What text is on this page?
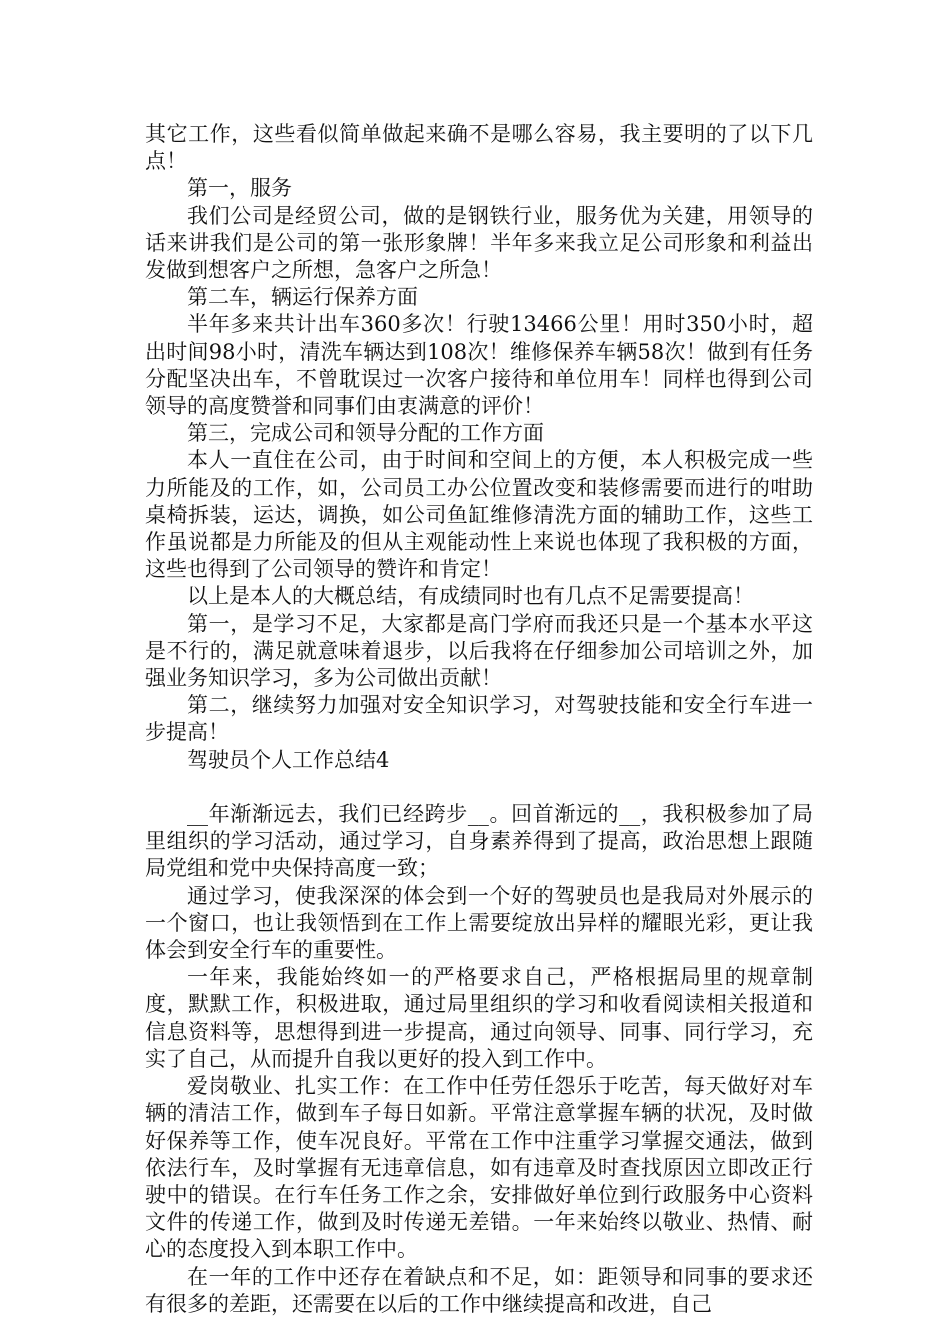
其它工作，这些看似简单做起来确不是哪么容易，我主要明的了以下几点！

第一，服务

我们公司是经贸公司，做的是钢铁行业，服务优为关建，用领导的话来讲我们是公司的第一张形象牌！半年多来我立足公司形象和利益出发做到想客户之所想，急客户之所急！

第二车，辆运行保养方面

半年多来共计出车360多次！行驶13466公里！用时350小时，超出时间98小时，清洗车辆达到108次！维修保养车辆58次！做到有任务分配坚决出车，不曾耽误过一次客户接待和单位用车！同样也得到公司领导的高度赞誉和同事们由衷满意的评价！

第三，完成公司和领导分配的工作方面

本人一直住在公司，由于时间和空间上的方便，本人积极完成一些力所能及的工作，如，公司员工办公位置改变和装修需要而进行的咁助桌椅拆装，运达，调换，如公司鱼缸维修清洗方面的辅助工作，这些工作虽说都是力所能及的但从主观能动性上来说也体现了我积极的方面，这些也得到了公司领导的赞许和肯定！

以上是本人的大概总结，有成绩同时也有几点不足需要提高！

第一，是学习不足，大家都是高门学府而我还只是一个基本水平这是不行的，满足就意味着退步，以后我将在仔细参加公司培训之外，加强业务知识学习，多为公司做出贡献！

第二，继续努力加强对安全知识学习，对驾驶技能和安全行车进一步提高！

驾驶员个人工作总结4

__年渐渐远去，我们已经跨步__。回首渐远的__，我积极参加了局里组织的学习活动，通过学习，自身素养得到了提高，政治思想上跟随局党组和党中央保持高度一致；

通过学习，使我深深的体会到一个好的驾驶员也是我局对外展示的一个窗口，也让我领悟到在工作上需要绽放出异样的耀眼光彩，更让我体会到安全行车的重要性。

一年来，我能始终如一的严格要求自己，严格根据局里的规章制度，默默工作，积极进取，通过局里组织的学习和收看阅读相关报道和信息资料等，思想得到进一步提高，通过向领导、同事、同行学习，充实了自己，从而提升自我以更好的投入到工作中。

爱岗敬业、扎实工作：在工作中任劳任怨乐于吃苦，每天做好对车辆的清洁工作，做到车子每日如新。平常注意掌握车辆的状况，及时做好保养等工作，使车况良好。平常在工作中注重学习掌握交通法，做到依法行车，及时掌握有无违章信息，如有违章及时查找原因立即改正行驶中的错误。在行车任务工作之余，安排做好单位到行政服务中心资料文件的传递工作，做到及时传递无差错。一年来始终以敬业、热情、耐心的态度投入到本职工作中。

在一年的工作中还存在着缺点和不足，如：距领导和同事的要求还有很多的差距，还需要在以后的工作中继续提高和改进，自己
